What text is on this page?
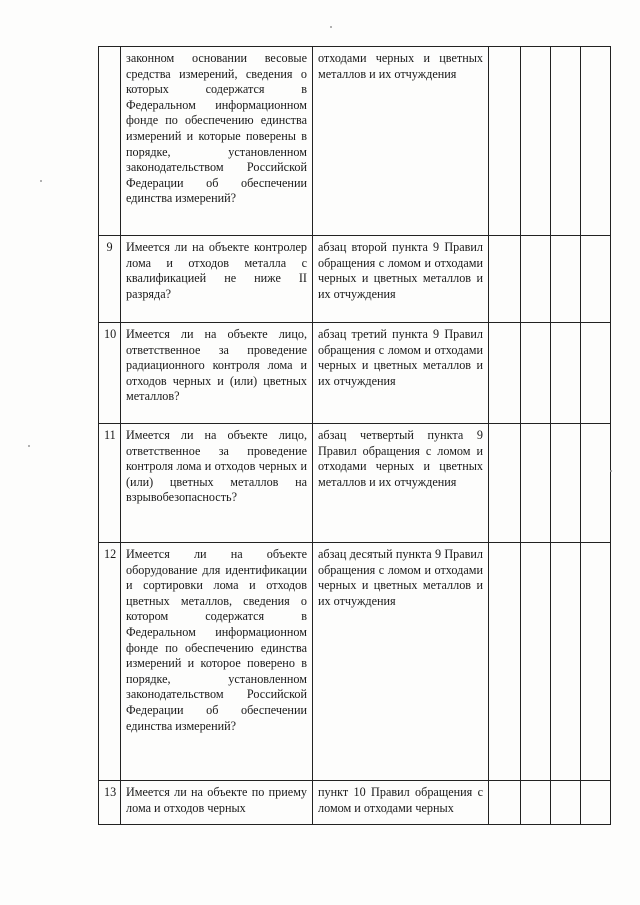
	законном основании весовые средства измерений, сведения о которых содержатся в Федеральном информационном фонде по обеспечению единства измерений и которые поверены в порядке, установленном законодательством Российской Федерации об обеспечении единства измерений?	отходами черных и цветных металлов и их отчуждения				
9	Имеется ли на объекте контролер лома и отходов металла с квалификацией не ниже II разряда?	абзац второй пункта 9 Правил обращения с ломом и отходами черных и цветных металлов и их отчуждения				
10	Имеется ли на объекте лицо, ответственное за проведение радиационного контроля лома и отходов черных и (или) цветных металлов?	абзац третий пункта 9 Правил обращения с ломом и отходами черных и цветных металлов и их отчуждения				
11	Имеется ли на объекте лицо, ответственное за проведение контроля лома и отходов черных и (или) цветных металлов на взрывобезопасность?	абзац четвертый пункта 9 Правил обращения с ломом и отходами черных и цветных металлов и их отчуждения				
12	Имеется ли на объекте оборудование для идентификации и сортировки лома и отходов цветных металлов, сведения о котором содержатся в Федеральном информационном фонде по обеспечению единства измерений и которое поверено в порядке, установленном законодательством Российской Федерации об обеспечении единства измерений?	абзац десятый пункта 9 Правил обращения с ломом и отходами черных и цветных металлов и их отчуждения				
13	Имеется ли на объекте по приему лома и отходов черных	пункт 10 Правил обращения с ломом и отходами черных				
